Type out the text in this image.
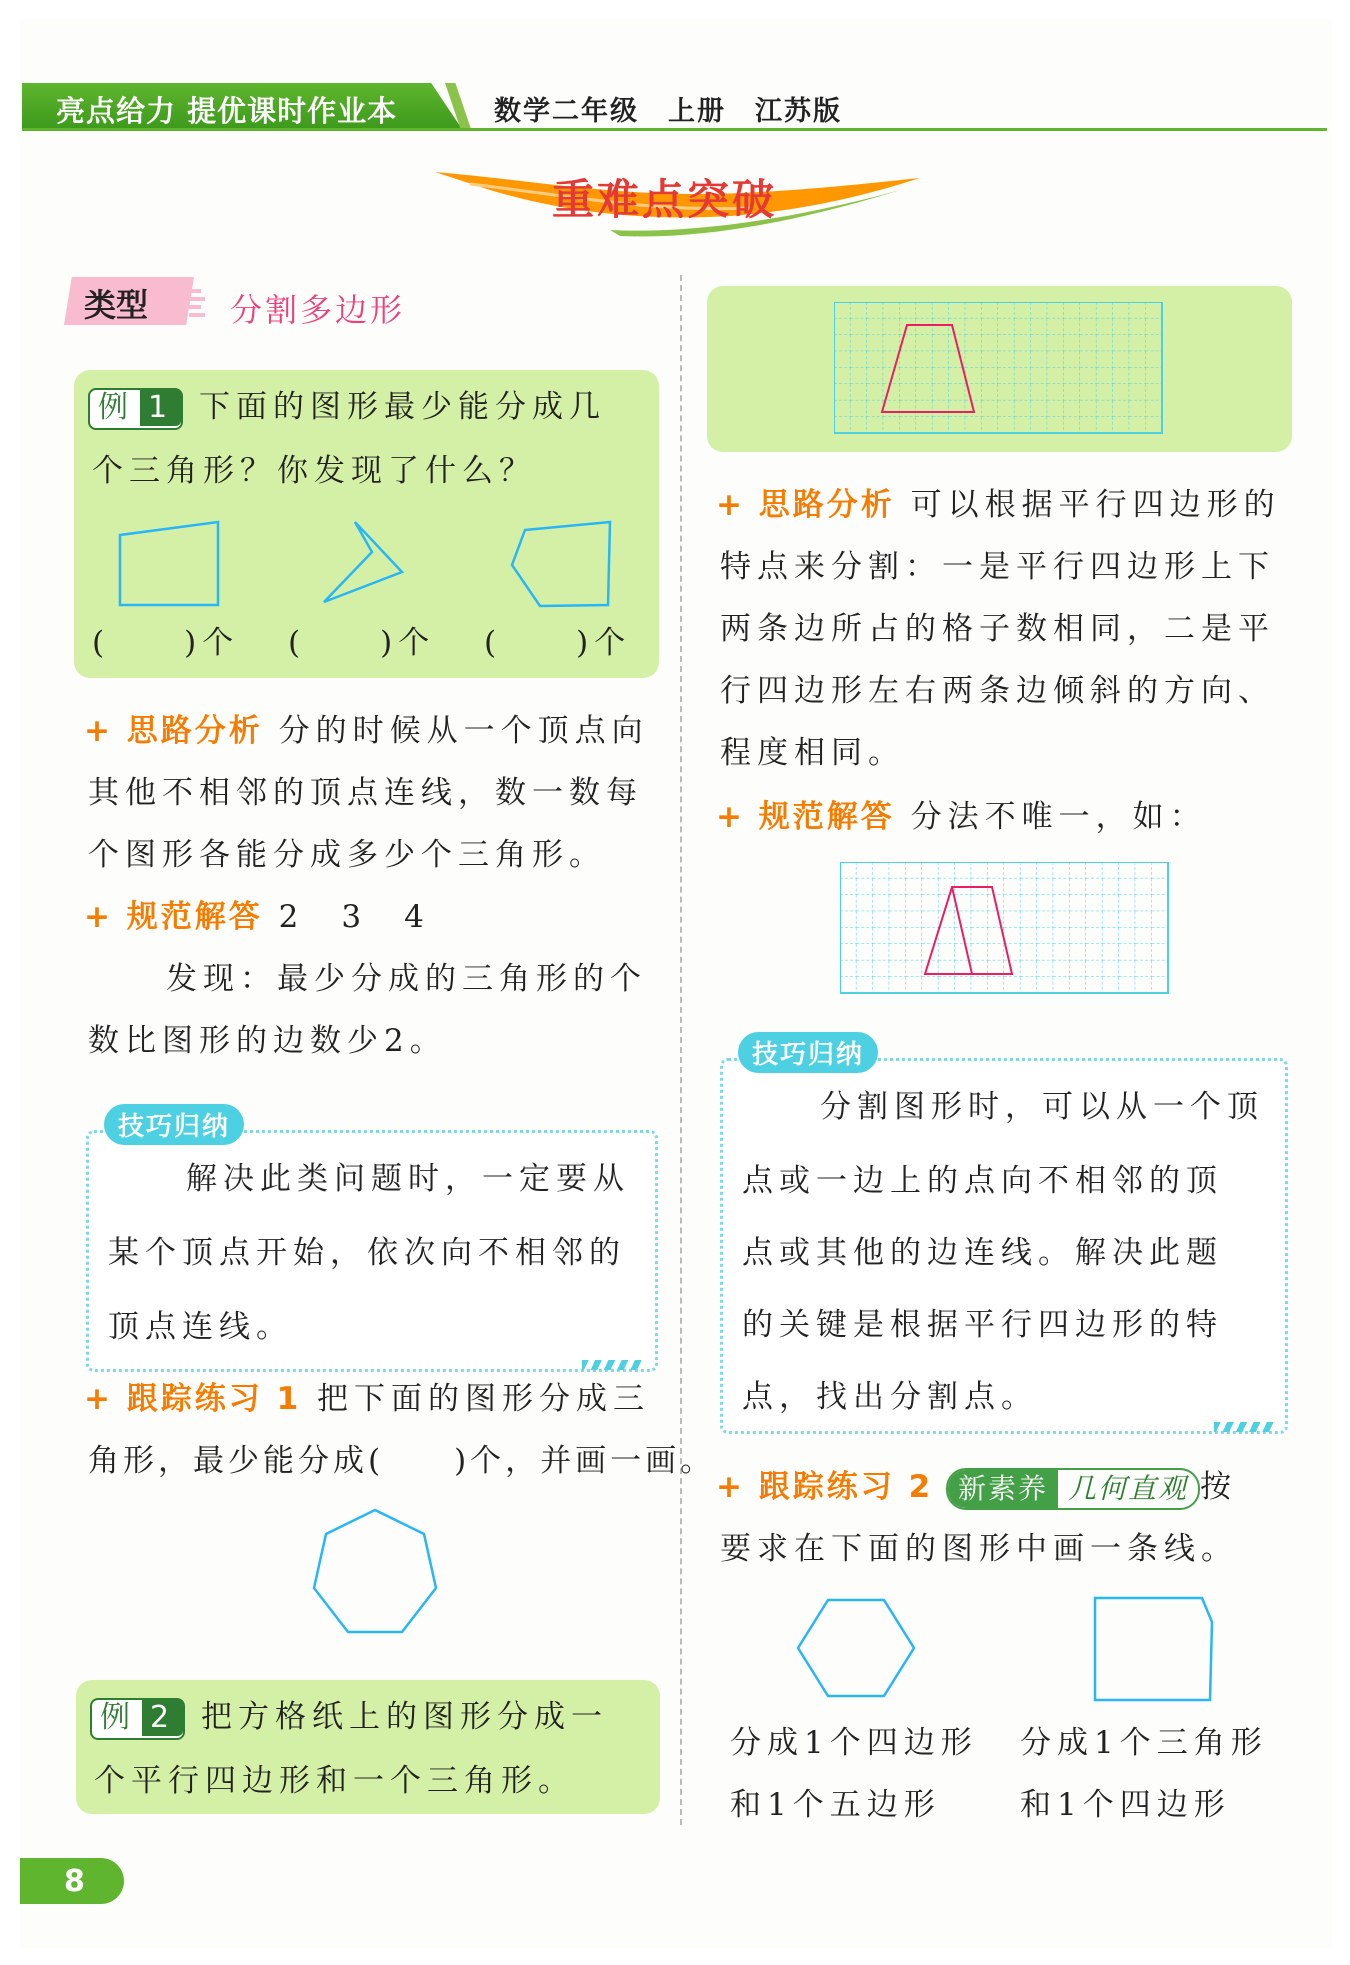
亮点给力 提优课时作业本	数学二年级　上册　江苏版
重难点突破
类型	分割多边形
例 1 下面的图形最少能分成几
个三角形？你发现了什么？
(　　)个 (　　)个 (　　)个
+ 思路分析 分的时候从一个顶点向
其他不相邻的顶点连线，数一数每
个图形各能分成多少个三角形。
+ 规范解答 2　3　4
发现：最少分成的三角形的个
数比图形的边数少2。
技巧归纳
解决此类问题时，一定要从
某个顶点开始，依次向不相邻的
顶点连线。
+ 跟踪练习 1 把下面的图形分成三
角形，最少能分成(　　)个，并画一画。
例 2 把方格纸上的图形分成一
个平行四边形和一个三角形。
+ 思路分析 可以根据平行四边形的
特点来分割：一是平行四边形上下
两条边所占的格子数相同，二是平
行四边形左右两条边倾斜的方向、
程度相同。
+ 规范解答 分法不唯一，如：
技巧归纳
分割图形时，可以从一个顶
点或一边上的点向不相邻的顶
点或其他的边连线。解决此题
的关键是根据平行四边形的特
点，找出分割点。
+ 跟踪练习 2 新素养 几何直观 按
要求在下面的图形中画一条线。
分成1个四边形
和1个五边形
分成1个三角形
和1个四边形
8
